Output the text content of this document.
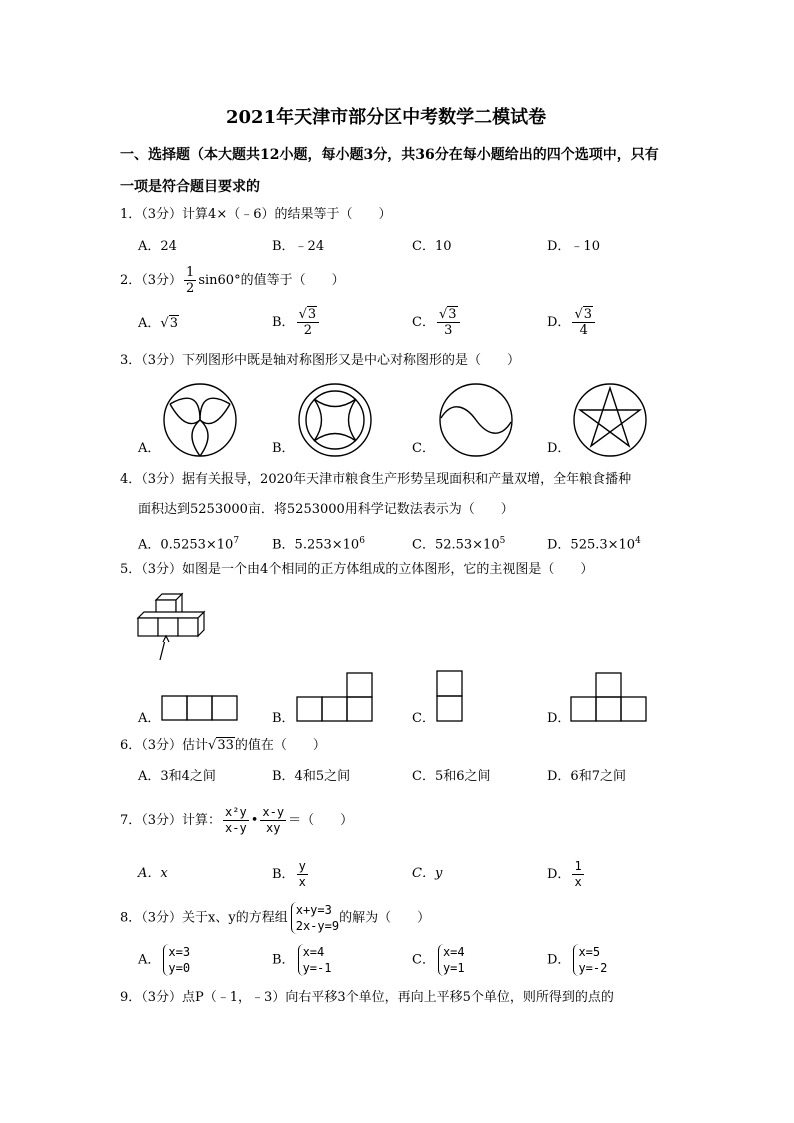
2021年天津市部分区中考数学二模试卷
一、选择题（本大题共12小题，每小题3分，共36分在每小题给出的四个选项中，只有
一项是符合题目要求的
1．（3分）计算4×（﹣6）的结果等于（　　）
A．24	B．﹣24	C．10	D．﹣10
2．（3分） $\frac{1}{2} \sin 60^\circ$的值等于（　　）
A．√3	B． $\frac{√3}{2}$	C． $\frac{√3}{3}$	D． $\frac{√3}{4}$
3．（3分）下列图形中既是轴对称图形又是中心对称图形的是（　　）
A．	B．	C．	D．
4．（3分）据有关报导，2020年天津市粮食生产形势呈现面积和产量双增，全年粮食播种
面积达到5253000亩．将5253000用科学记数法表示为（　　）
A．$0.5253\times 10^7$	B．$5.253\times 10^6$	C．$52.53\times 10^5$	D．$525.3\times 10^4$
5．（3分）如图是一个由4个相同的正方体组成的立体图形，它的主视图是（　　）
A．	B．	C．	D．
6．（3分）估计√33的值在（　　）
A．3和4之间	B．4和5之间	C．5和6之间	D．6和7之间
7．（3分）计算： $\frac{\text{x²y}}{x-y}$ • $\frac{x-y}{xy}$ ＝（　　）
A．x	B． $\frac{y}{x}$	C．y	D． $\frac{1}{x}$
8．（3分）关于x、y的方程组
x+y=3
2x-y=9
的解为（　　）
A．
x=3
y=0
B．
x=4
y=-1
C．
x=4
y=1
D．
x=5
y=-2
9．（3分）点P（﹣1，﹣3）向右平移3个单位，再向上平移5个单位，则所得到的点的
